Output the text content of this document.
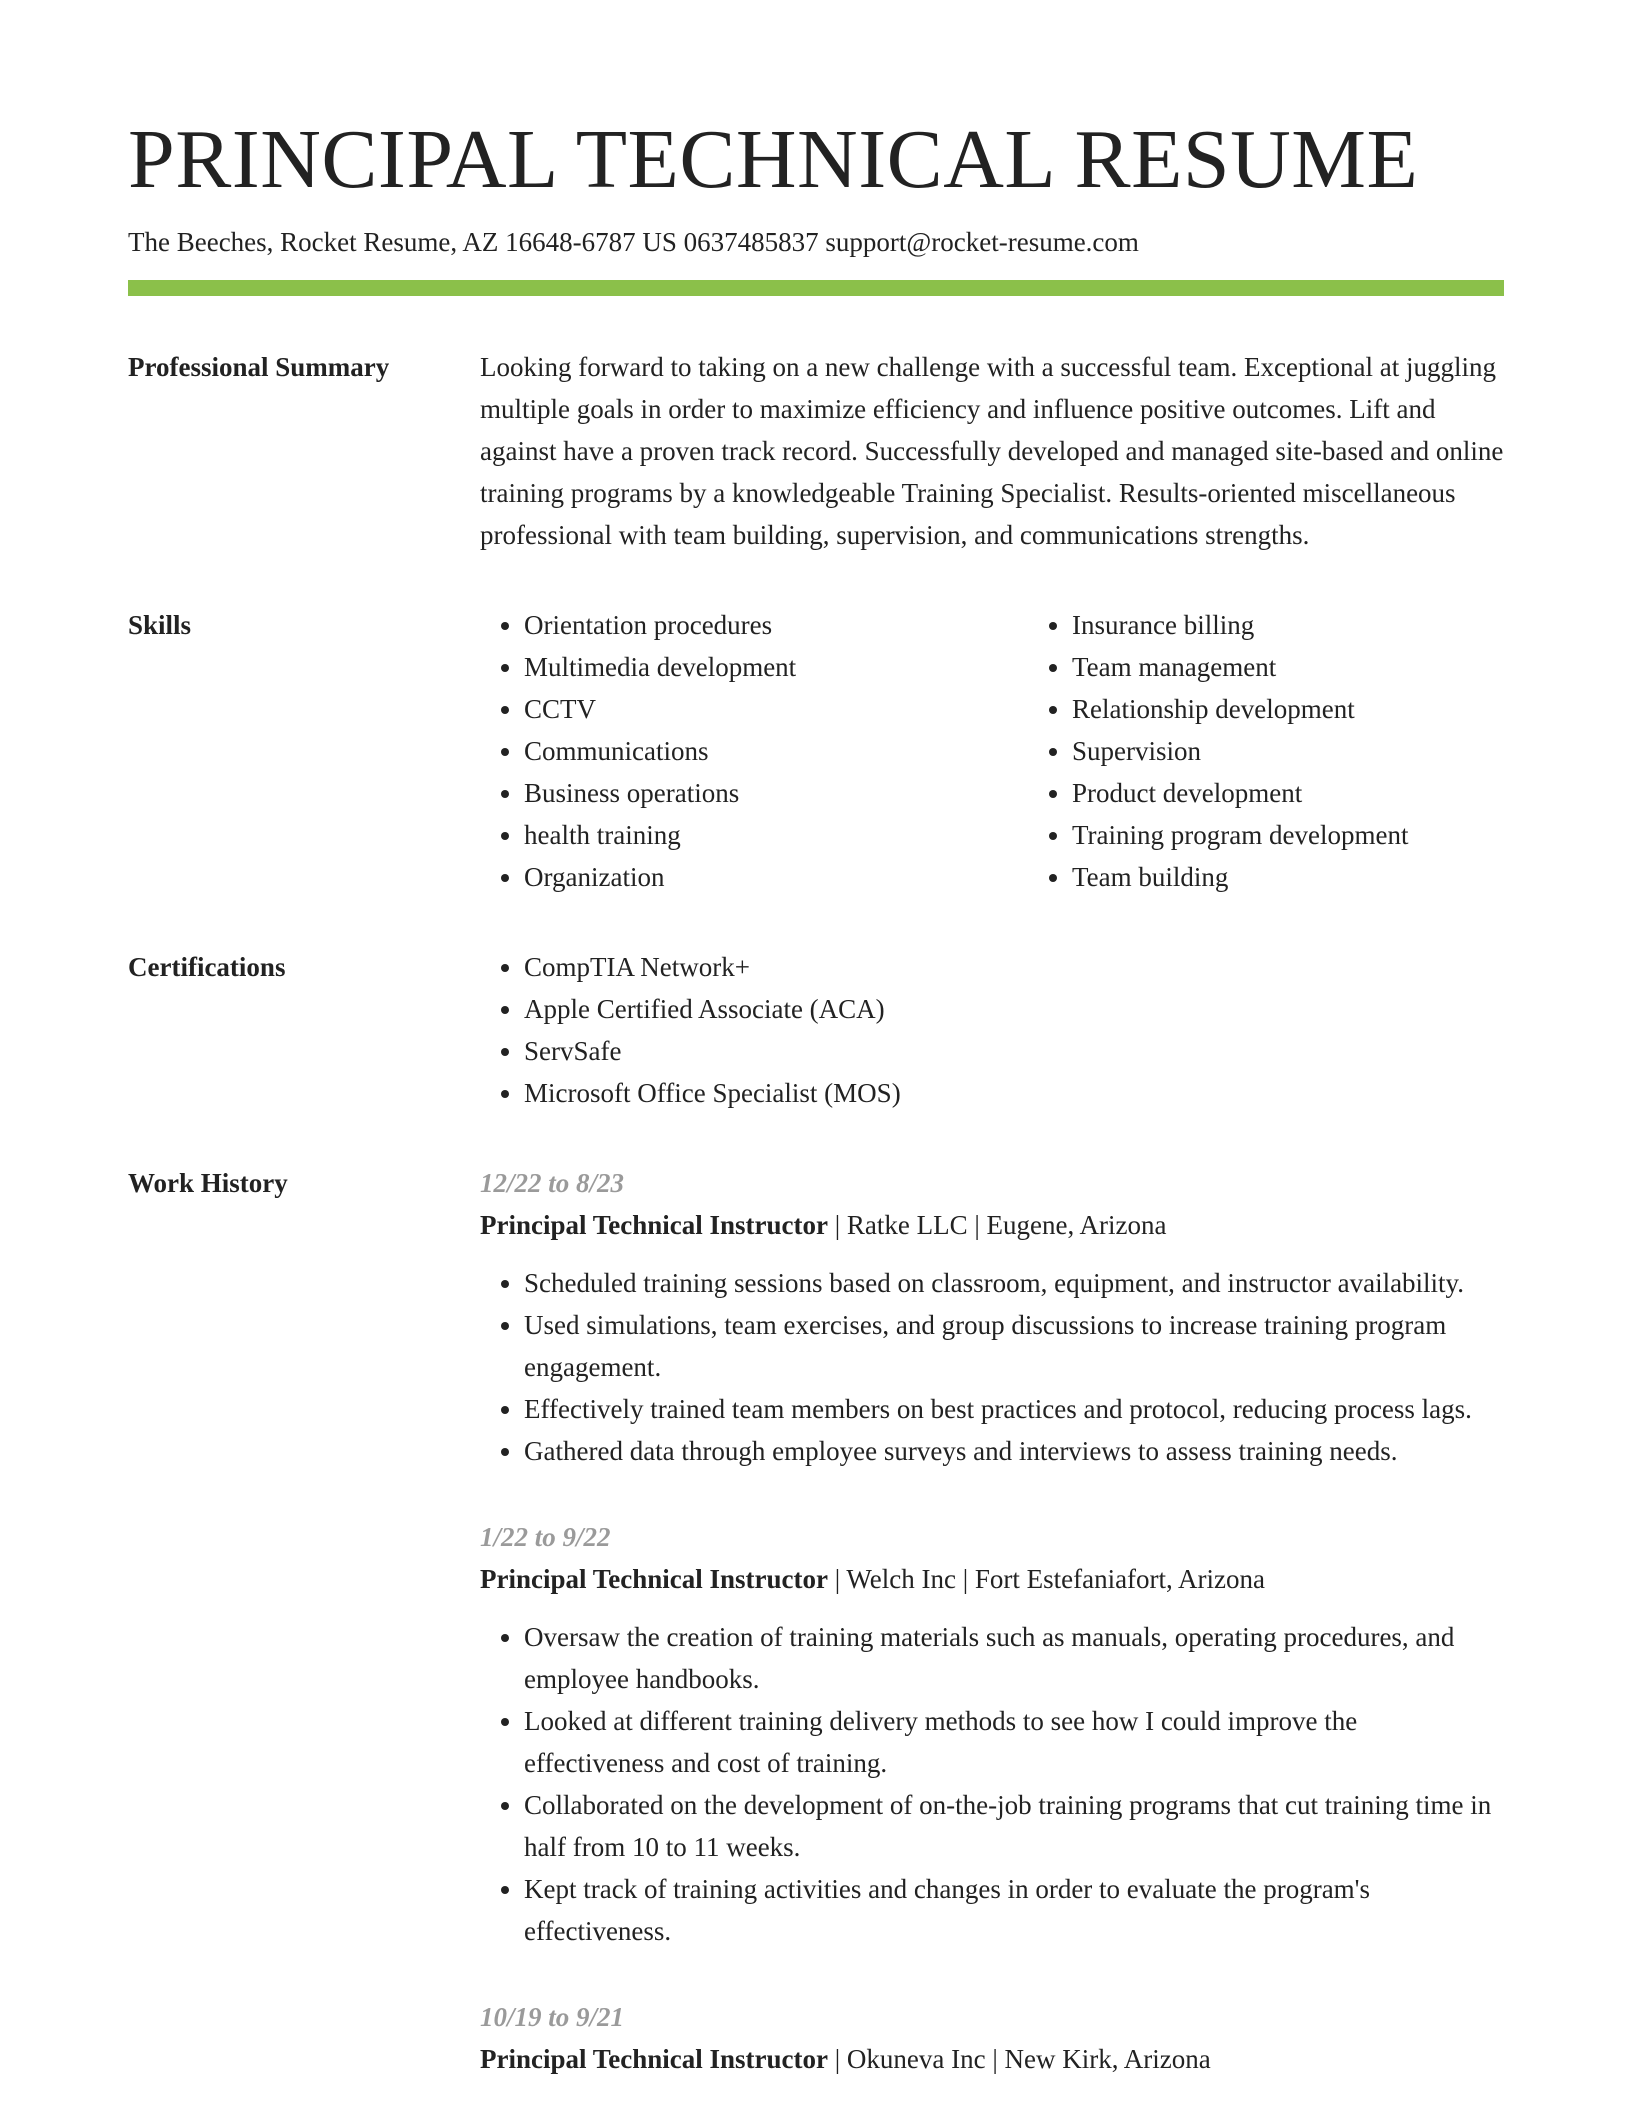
PRINCIPAL TECHNICAL RESUME
The Beeches, Rocket Resume, AZ 16648-6787 US 0637485837 support@rocket-resume.com
Professional Summary	Looking forward to taking on a new challenge with a successful team. Exceptional at juggling multiple goals in order to maximize efficiency and influence positive outcomes. Lift and against have a proven track record. Successfully developed and managed site-based and online training programs by a knowledgeable Training Specialist. Results-oriented miscellaneous professional with team building, supervision, and communications strengths.

Skills	• Orientation procedures
• Multimedia development
• CCTV
• Communications
• Business operations
• health training
• Organization
• Insurance billing
• Team management
• Relationship development
• Supervision
• Product development
• Training program development
• Team building
Certifications	• CompTIA Network+
• Apple Certified Associate (ACA)
• ServSafe
• Microsoft Office Specialist (MOS)
Work History	12/22 to 8/23
Principal Technical Instructor | Ratke LLC | Eugene, Arizona
• Scheduled training sessions based on classroom, equipment, and instructor availability.
• Used simulations, team exercises, and group discussions to increase training program engagement.
• Effectively trained team members on best practices and protocol, reducing process lags.
• Gathered data through employee surveys and interviews to assess training needs.
1/22 to 9/22
Principal Technical Instructor | Welch Inc | Fort Estefaniafort, Arizona
• Oversaw the creation of training materials such as manuals, operating procedures, and employee handbooks.
• Looked at different training delivery methods to see how I could improve the effectiveness and cost of training.
• Collaborated on the development of on-the-job training programs that cut training time in half from 10 to 11 weeks.
• Kept track of training activities and changes in order to evaluate the program's effectiveness.
10/19 to 9/21
Principal Technical Instructor | Okuneva Inc | New Kirk, Arizona
